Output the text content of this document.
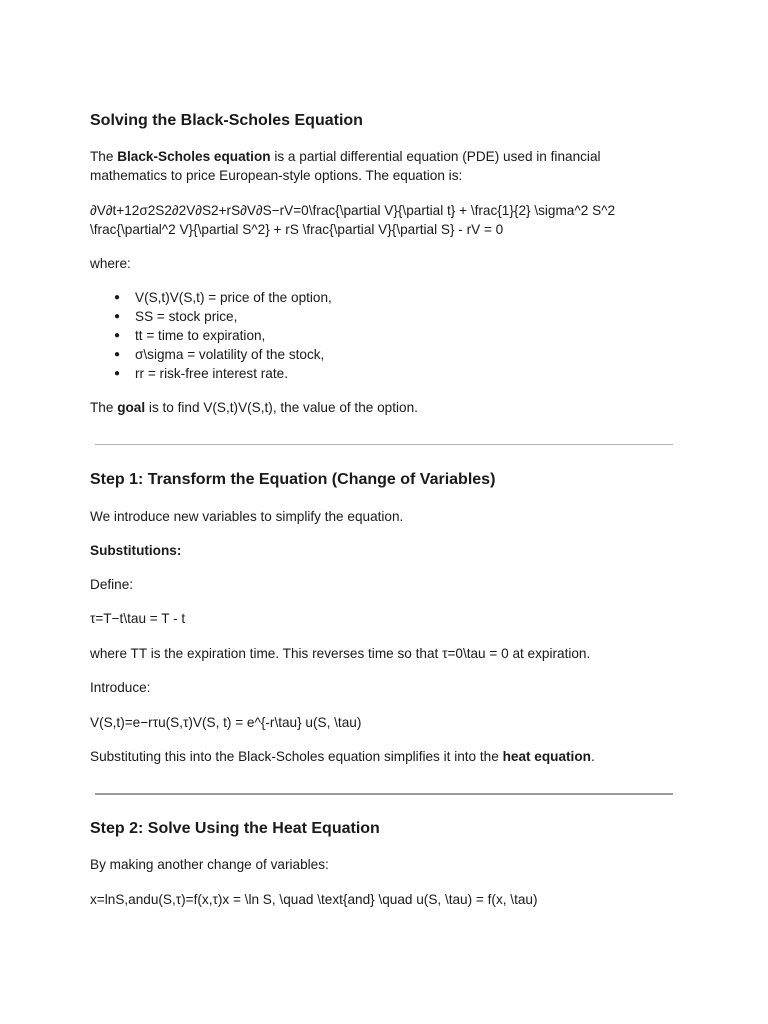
Solving the Black-Scholes Equation

The Black-Scholes equation is a partial differential equation (PDE) used in financial

mathematics to price European-style options. The equation is:

∂V∂t+12σ2S2∂2V∂S2+rS∂V∂S−rV=0\frac{\partial V}{\partial t} + \frac{1}{2} \sigma^2 S^2

\frac{\partial^2 V}{\partial S^2} + rS \frac{\partial V}{\partial S} - rV = 0

where:

● V(S,t)V(S,t) = price of the option,
● SS = stock price,
● tt = time to expiration,
● σ\sigma = volatility of the stock,
● rr = risk-free interest rate.

The goal is to find V(S,t)V(S,t), the value of the option.

Step 1: Transform the Equation (Change of Variables)

We introduce new variables to simplify the equation.

Substitutions:

Define:

τ=T−t\tau = T - t

where TT is the expiration time. This reverses time so that τ=0\tau = 0 at expiration.

Introduce:

V(S,t)=e−rτu(S,τ)V(S, t) = e^{-r\tau} u(S, \tau)

Substituting this into the Black-Scholes equation simplifies it into the heat equation.

Step 2: Solve Using the Heat Equation

By making another change of variables:

x=lnS,andu(S,τ)=f(x,τ)x = \ln S, \quad \text{and} \quad u(S, \tau) = f(x, \tau)
